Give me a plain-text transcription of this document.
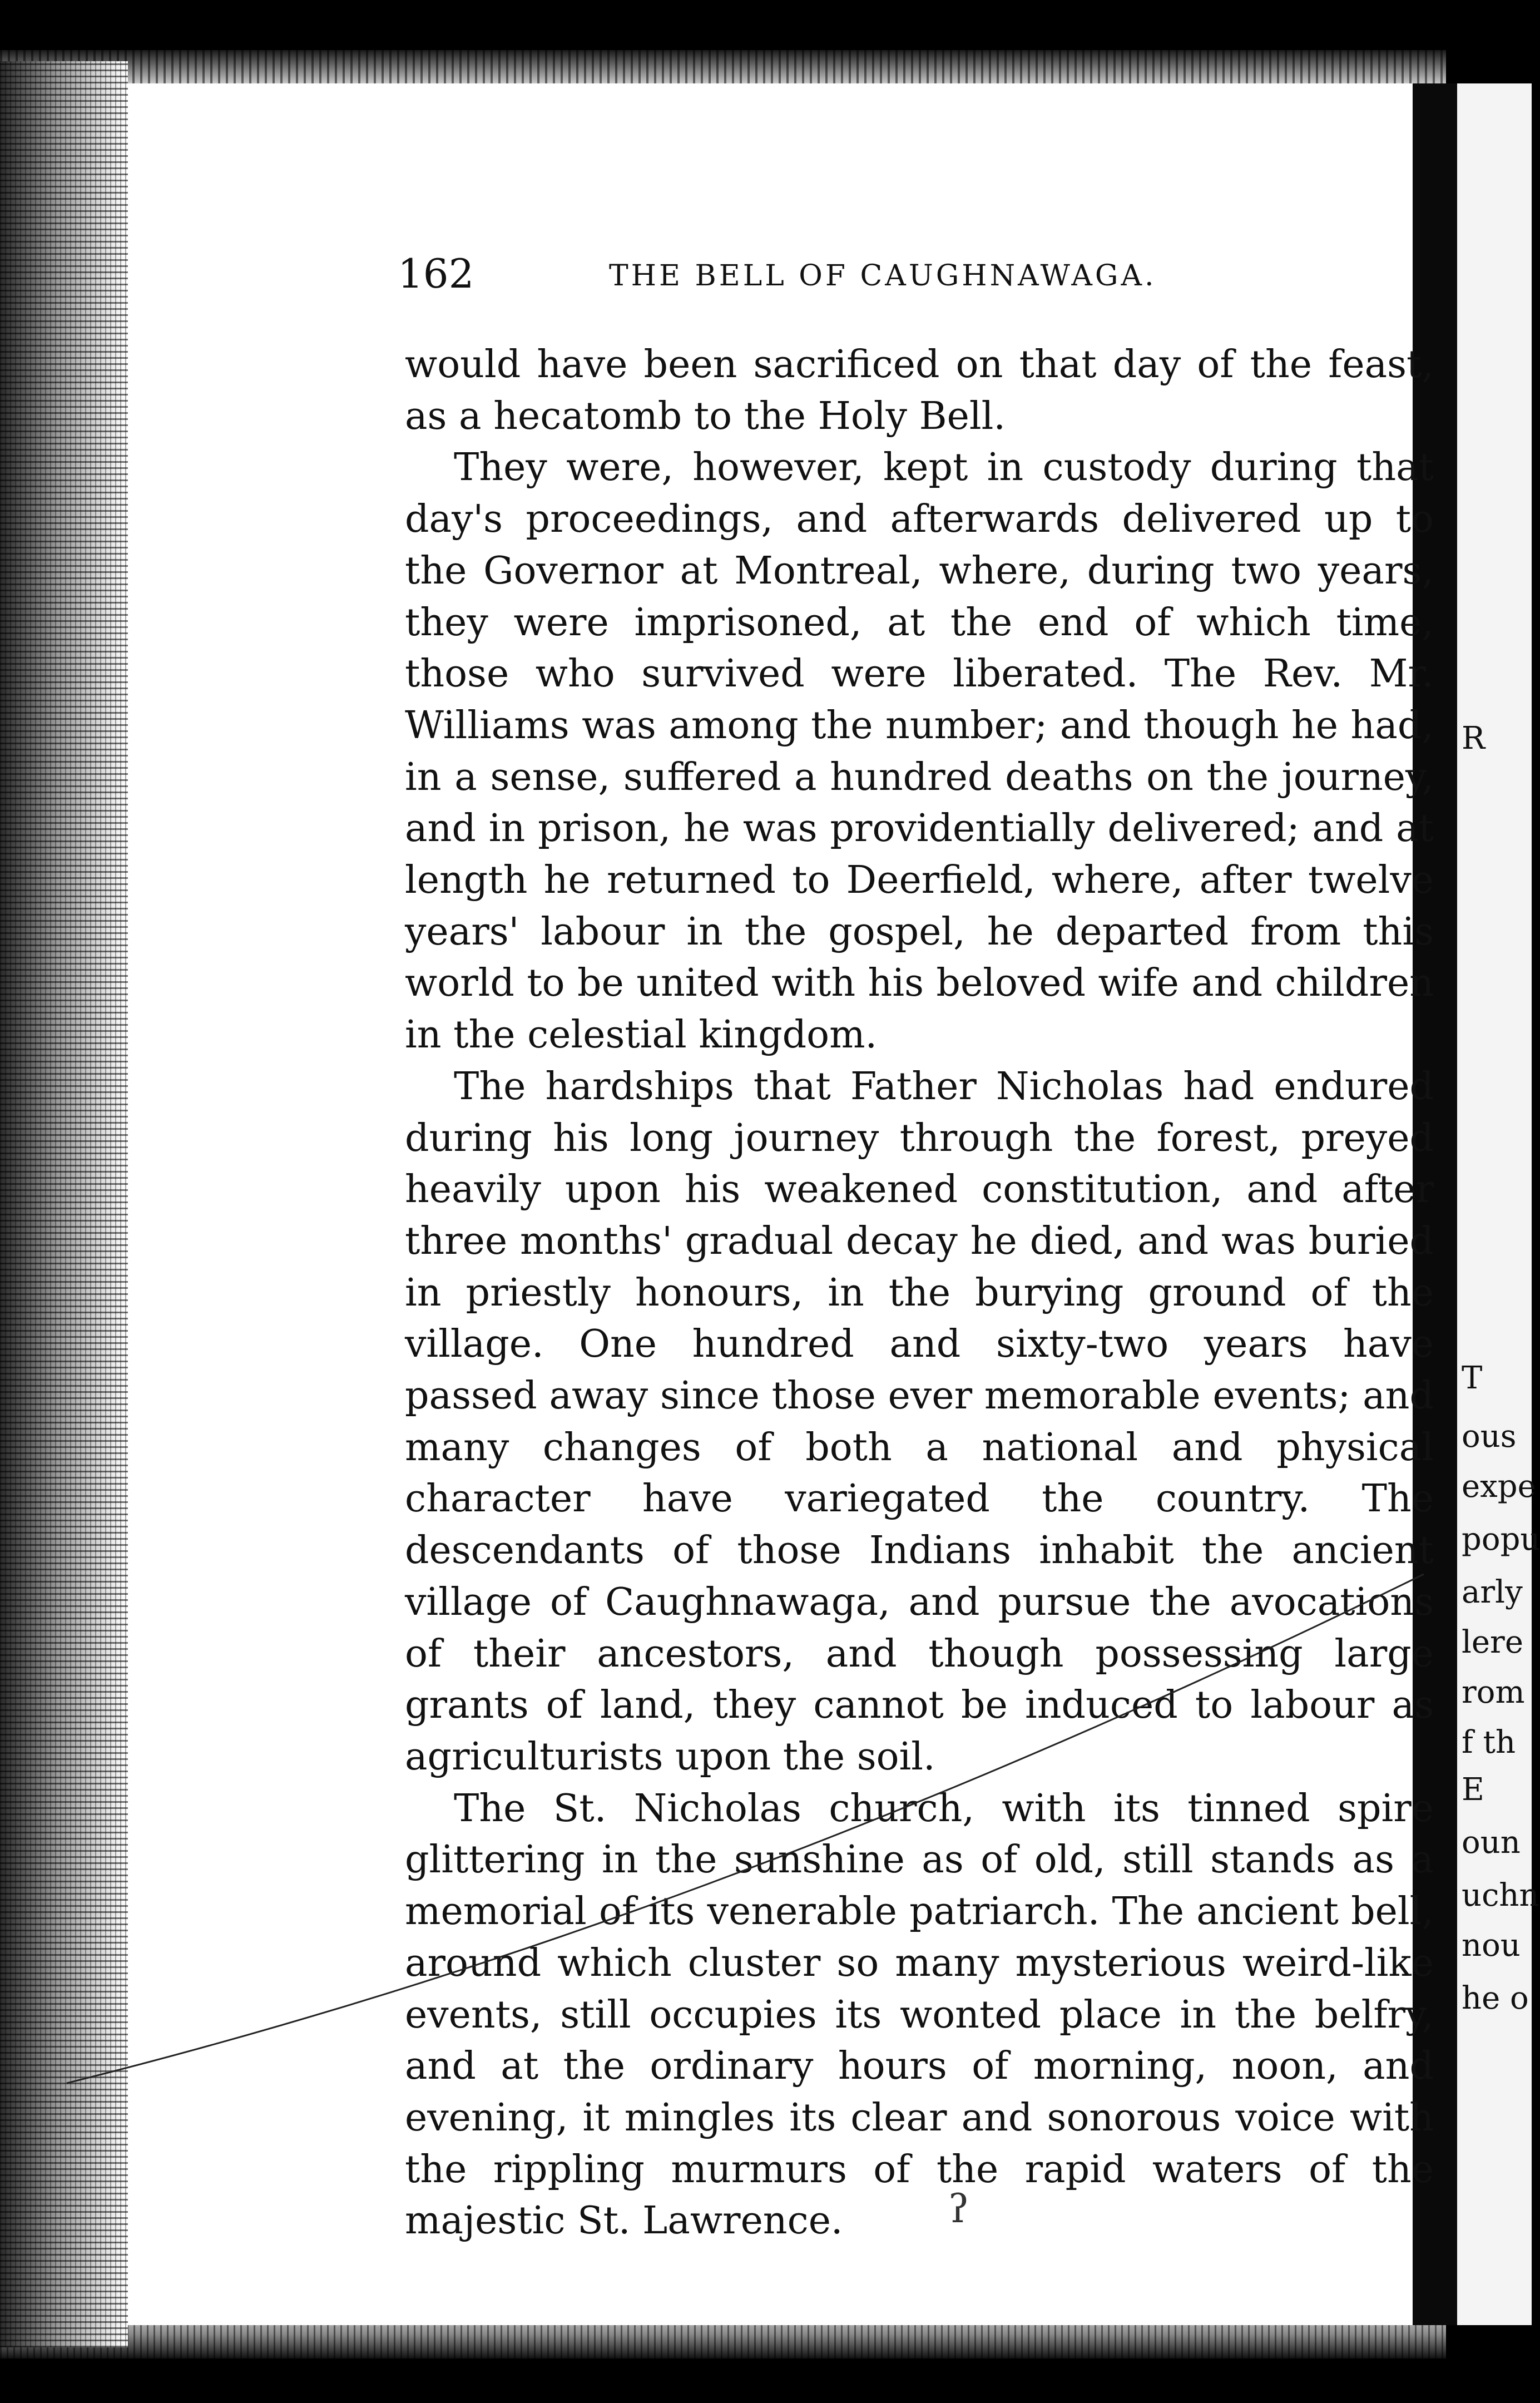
R
T
ous
expe
popu
arly
lere
rom
f th
E
oun
uchn
nou
he o
162	THE BELL OF CAUGHNAWAGA.

would have been sacrificed on that day of the feast, as a hecatomb to the Holy Bell.

They were, however, kept in custody during that day's proceedings, and afterwards delivered up to the Governor at Montreal, where, during two years, they were imprisoned, at the end of which time, those who survived were liberated. The Rev. Mr. Williams was among the number; and though he had, in a sense, suffered a hundred deaths on the journey, and in prison, he was providentially delivered; and at length he returned to Deerfield, where, after twelve years' labour in the gospel, he departed from this world to be united with his beloved wife and children in the celestial kingdom.

The hardships that Father Nicholas had endured during his long journey through the forest, preyed heavily upon his weakened constitution, and after three months' gradual decay he died, and was buried in priestly honours, in the burying ground of the village. One hundred and sixty-two years have passed away since those ever memorable events; and many changes of both a national and physical character have variegated the country. The descendants of those Indians inhabit the ancient village of Caughnawaga, and pursue the avocations of their ancestors, and though possessing large grants of land, they cannot be induced to labour as agriculturists upon the soil.

The St. Nicholas church, with its tinned spire glittering in the sunshine as of old, still stands as a memorial of its venerable patriarch. The ancient bell, around which cluster so many mysterious weird-like events, still occupies its wonted place in the belfry, and at the ordinary hours of morning, noon, and evening, it mingles its clear and sonorous voice with the rippling murmurs of the rapid waters of the majestic St. Lawrence.	ʔ
